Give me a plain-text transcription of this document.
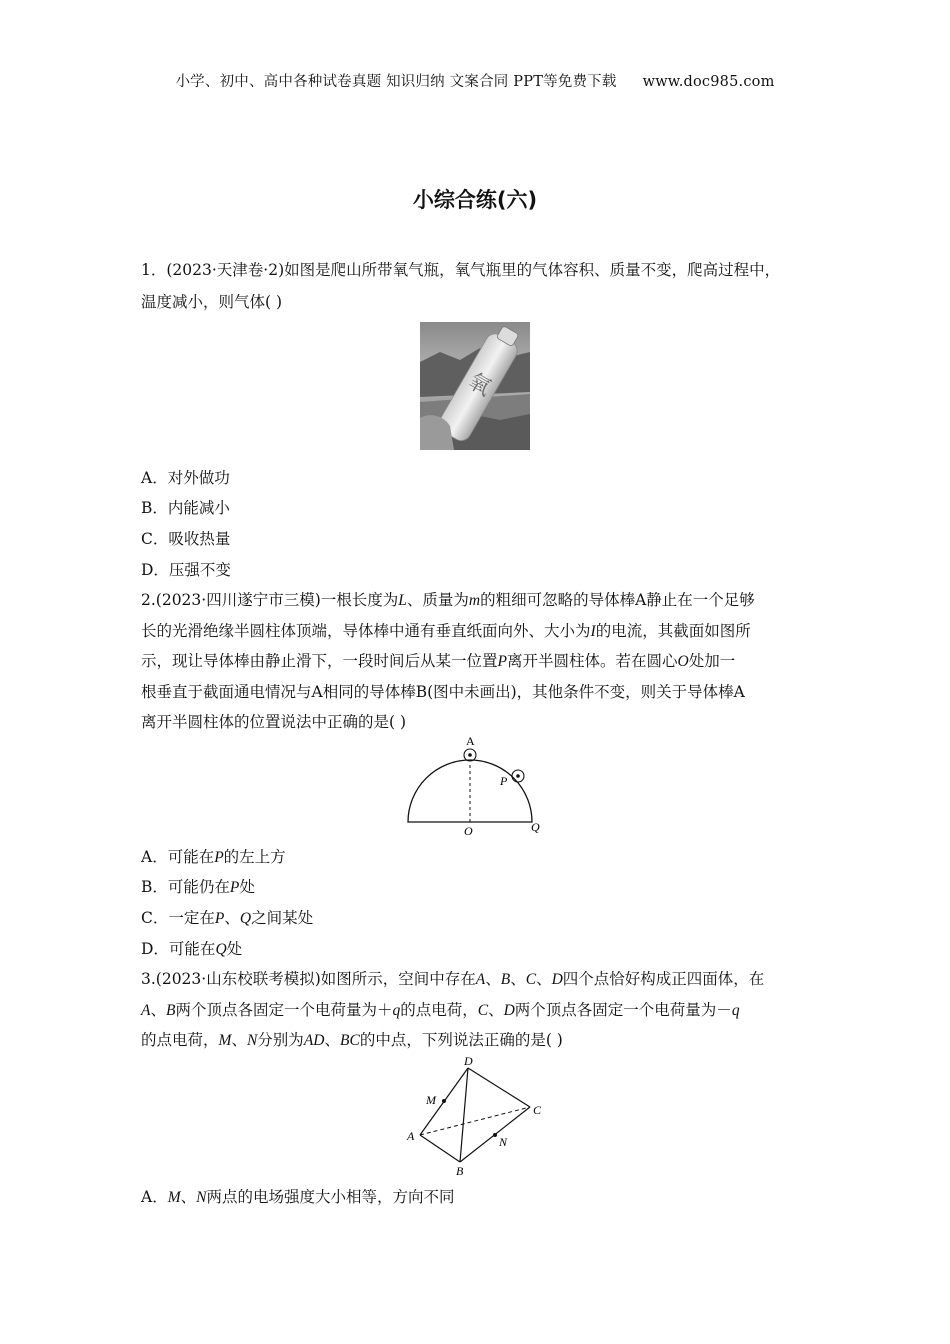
小学、初中、高中各种试卷真题 知识归纳 文案合同 PPT等免费下载 www.doc985.com
小综合练(六)
1．(2023·天津卷·2)如图是爬山所带氧气瓶，氧气瓶里的气体容积、质量不变，爬高过程中，
温度减小，则气体( )
氧
A．对外做功
B．内能减小
C．吸收热量
D．压强不变
2.(2023·四川遂宁市三模)一根长度为L、质量为m的粗细可忽略的导体棒A静止在一个足够
长的光滑绝缘半圆柱体顶端，导体棒中通有垂直纸面向外、大小为I的电流，其截面如图所
示，现让导体棒由静止滑下，一段时间后从某一位置P离开半圆柱体。若在圆心O处加一
根垂直于截面通电情况与A相同的导体棒B(图中未画出)，其他条件不变，则关于导体棒A
离开半圆柱体的位置说法中正确的是( )
A
P
O	Q
A．可能在P的左上方
B．可能仍在P处
C．一定在P、Q之间某处
D．可能在Q处
3.(2023·山东校联考模拟)如图所示，空间中存在A、B、C、D四个点恰好构成正四面体，在
A、B两个顶点各固定一个电荷量为＋q的点电荷，C、D两个顶点各固定一个电荷量为－q
的点电荷，M、N分别为AD、BC的中点，下列说法正确的是( )
D
M
C
A	N
B
A．M、N两点的电场强度大小相等，方向不同
